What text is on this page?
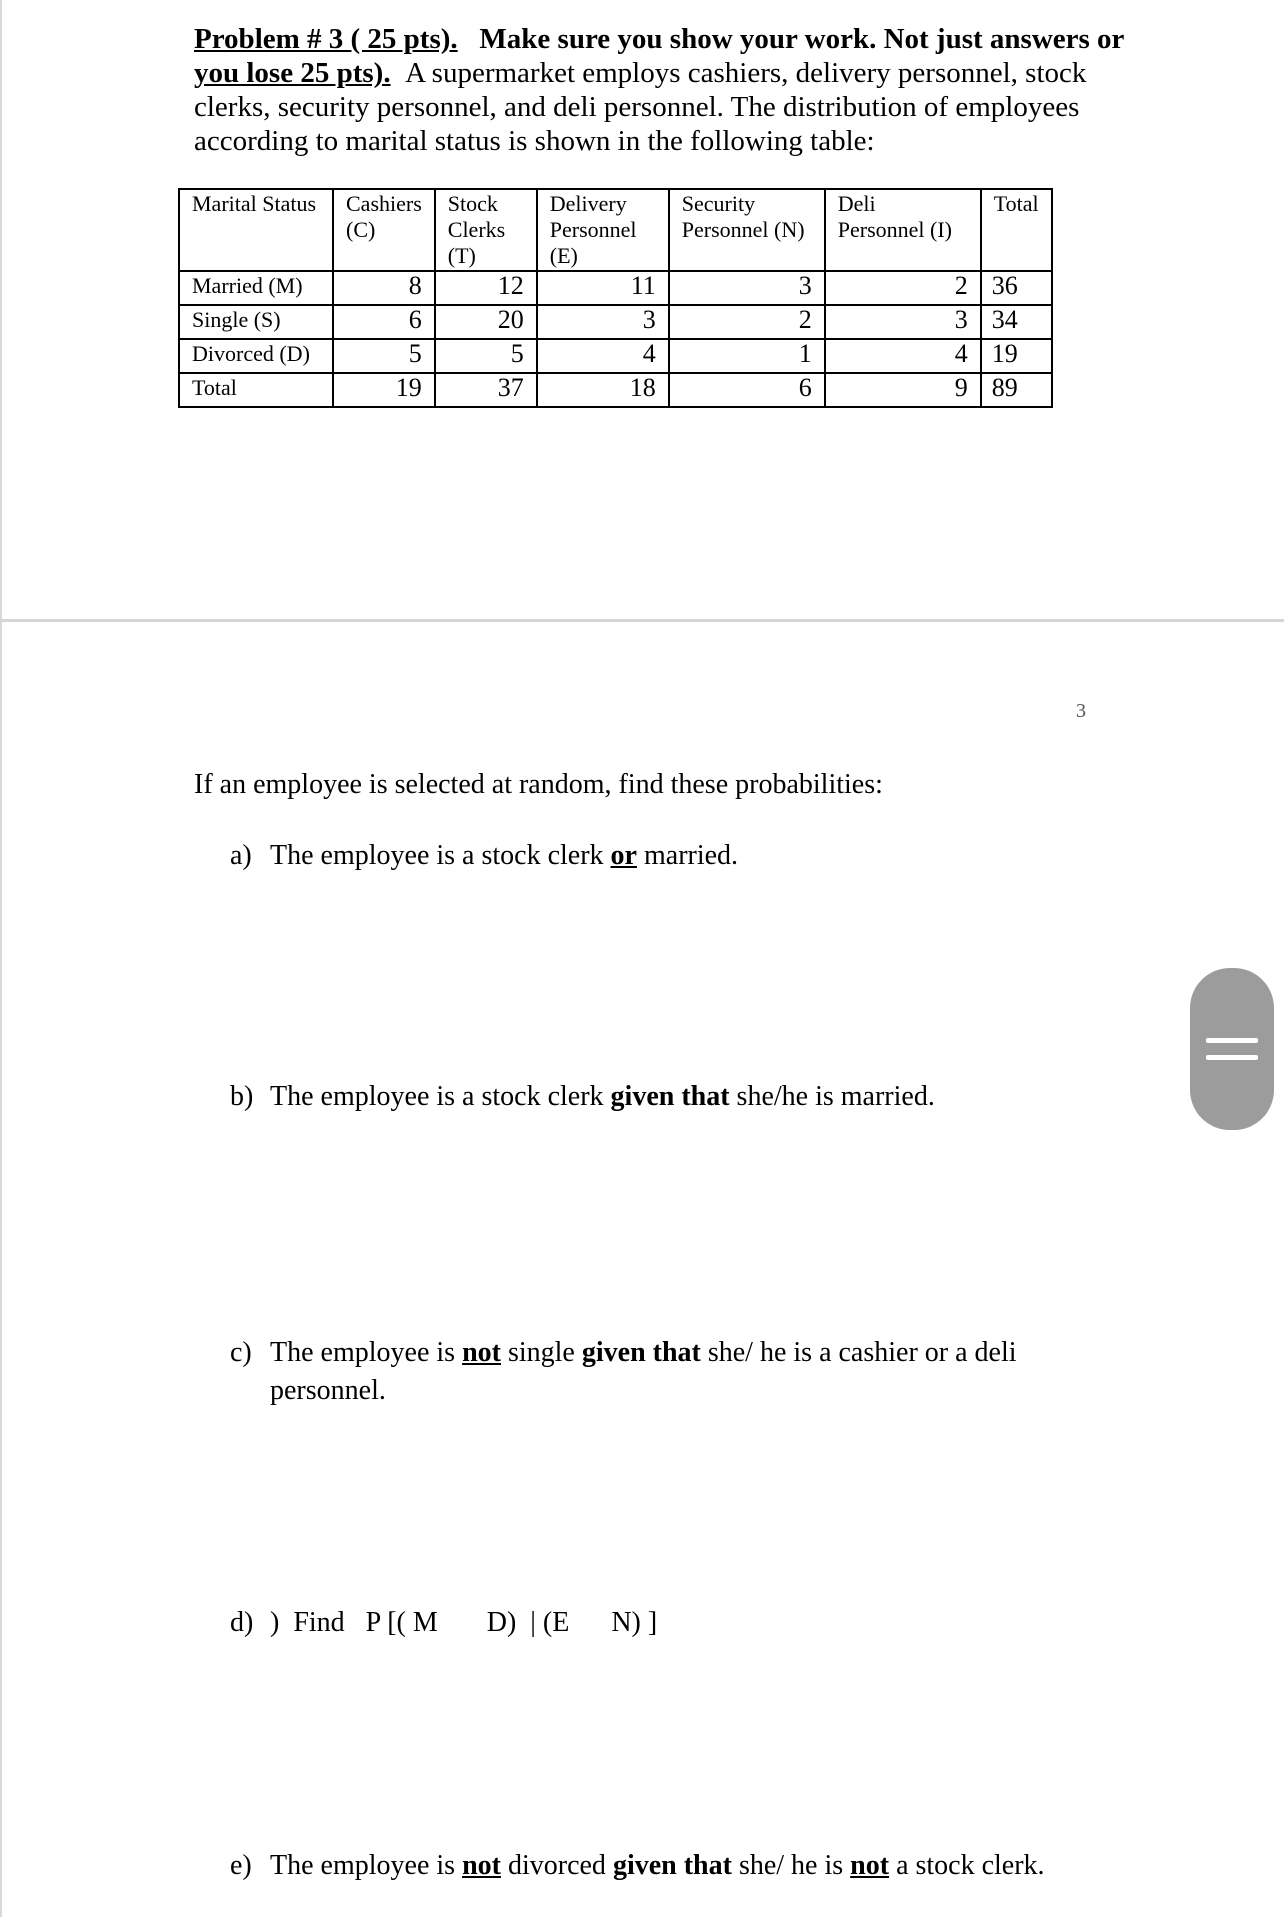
Problem # 3 ( 25 pts). Make sure you show your work. Not just answers or you lose 25 pts). A supermarket employs cashiers, delivery personnel, stock clerks, security personnel, and deli personnel. The distribution of employees according to marital status is shown in the following table:
Marital Status	Cashiers (C)	Stock Clerks (T)	Delivery Personnel (E)	Security Personnel (N)	Deli Personnel (I)	Total
Married (M)	8	12	11	3	2	36
Single (S)	6	20	3	2	3	34
Divorced (D)	5	5	4	1	4	19
Total	19	37	18	6	9	89
3
If an employee is selected at random, find these probabilities:
a) The employee is a stock clerk or married.
b) The employee is a stock clerk given that she/he is married.
c) The employee is not single given that she/ he is a cashier or a deli
personnel.
d) )  Find   P [( M       D)  | (E      N) ]
e) The employee is not divorced given that she/ he is not a stock clerk.
